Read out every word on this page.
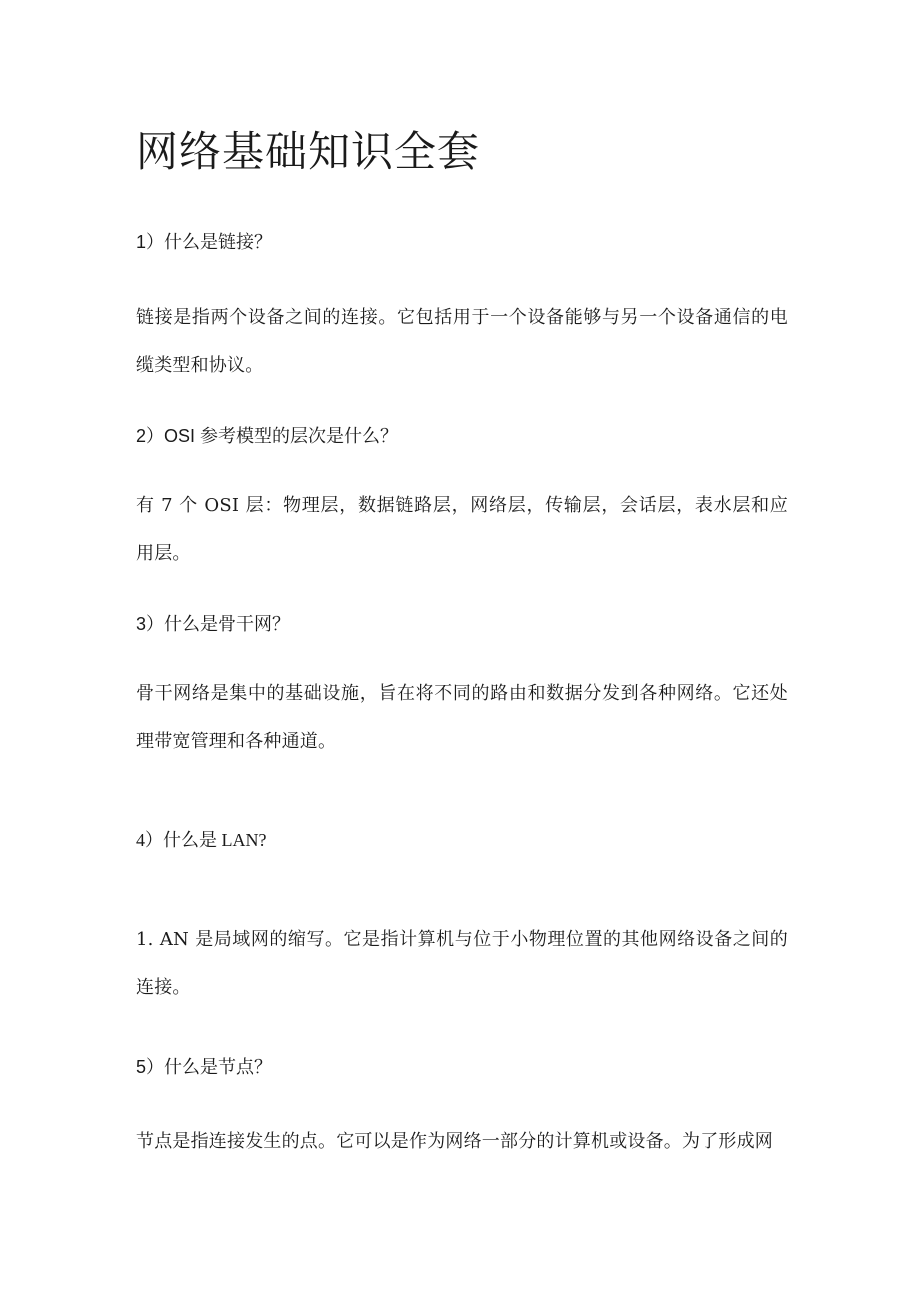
网络基础知识全套

1）什么是链接？

链接是指两个设备之间的连接。它包括用于一个设备能够与另一个设备通信的电缆类型和协议。

2）OSI 参考模型的层次是什么？

有 7 个 OSI 层：物理层，数据链路层，网络层，传输层，会话层，表水层和应用层。

3）什么是骨干网？

骨干网络是集中的基础设施，旨在将不同的路由和数据分发到各种网络。它还处理带宽管理和各种通道。

4）什么是 LAN?

1. AN 是局域网的缩写。它是指计算机与位于小物理位置的其他网络设备之间的连接。

5）什么是节点？

节点是指连接发生的点。它可以是作为网络一部分的计算机或设备。为了形成网
